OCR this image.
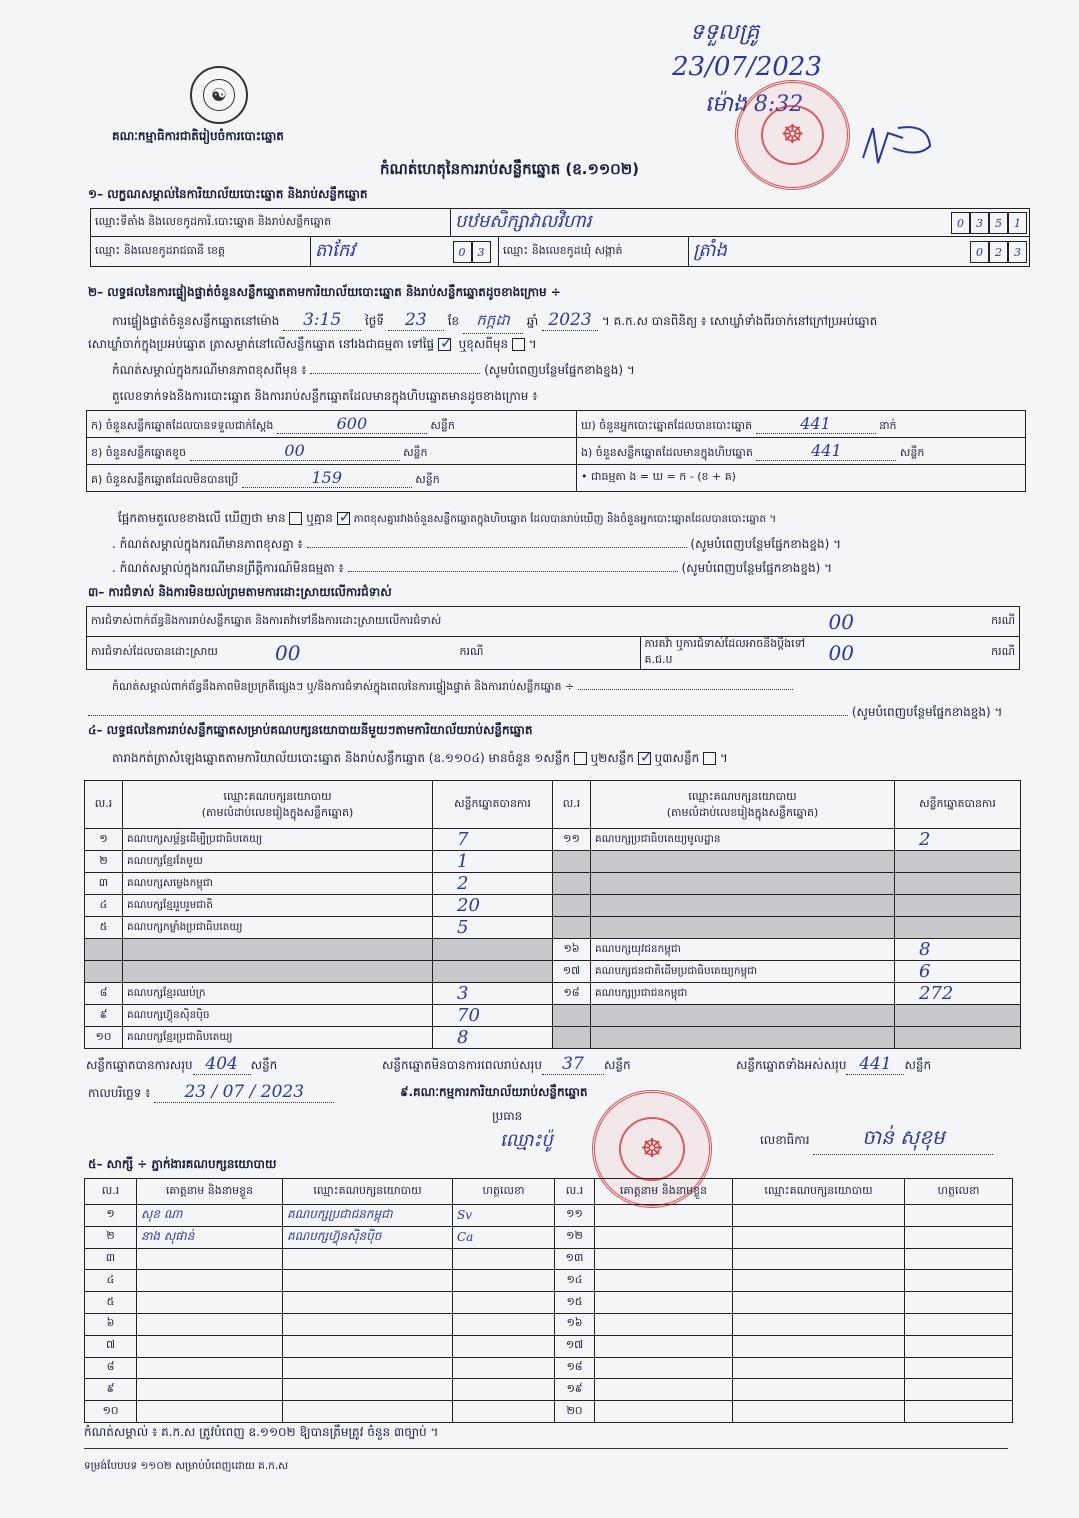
☯
គណៈកម្មាធិការជាតិរៀបចំការបោះឆ្នោត
កំណត់ហេតុនៃការរាប់សន្លឹកឆ្នោត (ឧ.១១០២)
ទទួលគ្រូ
23/07/2023
ម៉ោង 8:32
☸
១– លក្ខណសម្គាល់នៃការិយាល័យបោះឆ្នោត និងរាប់សន្លឹកឆ្នោត
ឈ្មោះទីតាំង និងលេខកូដការិ.បោះឆ្នោត និងរាប់សន្លឹកឆ្នោត	បឋមសិក្សាវាលវិហារ	0 3 5 1
ឈ្មោះ និងលេខកូដរាជធានី ខេត្ត	តាកែវ	0 3	ឈ្មោះ និងលេខកូដឃុំ សង្កាត់	ត្រាំង	0 2 3
២– លទ្ធផលនៃការផ្ទៀងផ្ទាត់ចំនួនសន្លឹកឆ្នោតតាមការិយាល័យបោះឆ្នោត និងរាប់សន្លឹកឆ្នោតដូចខាងក្រោម ÷
ការផ្ទៀងផ្ទាត់ចំនួនសន្លឹកឆ្នោតនៅម៉ោង 3:15 ថ្ងៃទី 23 ខែ កក្កដា ឆ្នាំ 2023 ។ គ.ក.ស បានពិនិត្យ ៖ សោឃ្លាំទាំងពីរចាក់នៅក្រៅ​ប្រអប់ឆ្នោត
សោឃ្លាំចាក់ក្នុងប្រអប់ឆ្នោត ត្រាសម្ងាត់នៅលើសន្លឹកឆ្នោត នៅរងជាធម្មតា ទៅផ្ទៃ ✓ ឬខុសពីមុន  ។
កំណត់សម្គាល់ក្នុងករណីមានភាពខុសពីមុន ៖	(សូមបំពេញបន្ថែមផ្នែកខាងខ្នង) ។
តួលេខទាក់ទងនិងការបោះឆ្នោត និងការរាប់សន្លឹកឆ្នោតដែលមានក្នុងហិបឆ្នោតមានដូចខាងក្រោម ៖
ក) ចំនួនសន្លឹកឆ្នោតដែលបានទទួលជាក់ស្តែង 600 សន្លឹក	ឃ) ចំនួនអ្នកបោះឆ្នោតដែលបានបោះឆ្នោត 441 នាក់
ខ) ចំនួនសន្លឹកឆ្នោតខូច 00 សន្លឹក	ង) ចំនួនសន្លឹកឆ្នោតដែលមានក្នុងហិបឆ្នោត 441 សន្លឹក
គ) ចំនួនសន្លឹកឆ្នោតដែលមិនបានប្រើ 159 សន្លឹក	• ជាធម្មតា ង = ឃ = ក - (ខ + គ)
ផ្អែកតាមតួលេខខាងលើ ឃើញថា មាន ឬគ្មាន ✓ ភាពខុសគ្នារវាងចំនួនសន្លឹកឆ្នោតក្នុងហិបឆ្នោត ដែលបានរាប់ឃើញ និងចំនួនអ្នកបោះឆ្នោតដែលបានបោះឆ្នោត ។
. កំណត់សម្គាល់ក្នុងករណីមានភាពខុសគ្នា ៖	(សូមបំពេញបន្ថែមផ្នែកខាងខ្នង) ។
. កំណត់សម្គាល់ក្នុងករណីមានព្រឹត្តិការណ៍មិនធម្មតា ៖	(សូមបំពេញបន្ថែមផ្នែកខាងខ្នង) ។
៣– ការជំទាស់ និងការមិនយល់ព្រមតាមការដោះស្រាយលើការជំទាស់
ការជំទាស់ពាក់ព័ន្ធនិងការរាប់សន្លឹកឆ្នោត និងការតវ៉ាទៅនឹងការដោះស្រាយលើការជំទាស់				00	ករណី
ការជំទាស់ដែលបានដោះស្រាយ	00	ករណី	ការតវ៉ា ឬការជំទាស់ដែលអាចនឹងប្តឹងទៅ គ.ជ.ប	00	ករណី
កំណត់សម្គាល់ពាក់ព័ន្ធនឹងភាពមិនប្រក្រតីផ្សេងៗ ឬ/និងការជំទាស់ក្នុងពេលនៃការផ្ទៀងផ្ទាត់ និងការរាប់សន្លឹកឆ្នោត ÷
(សូមបំពេញបន្ថែមផ្នែកខាងខ្នង) ។
៤– លទ្ធផលនៃការរាប់សន្លឹកឆ្នោតសម្រាប់គណបក្សនយោបាយនីមួយៗតាមការិយាល័យរាប់សន្លឹកឆ្នោត
តារាងកត់ត្រាសំឡេងឆ្នោតតាមការិយាល័យបោះឆ្នោត និងរាប់សន្លឹកឆ្នោត (ឧ.១១០៤) មានចំនួន ១សន្លឹក ឬ២សន្លឹក ✓ ឬ៣សន្លឹក  ។
ល.រ	ឈ្មោះគណបក្សនយោបាយ
(តាមលំដាប់លេខរៀងក្នុងសន្លឹកឆ្នោត)	សន្លឹកឆ្នោតបានការ	ល.រ	ឈ្មោះគណបក្សនយោបាយ
(តាមលំដាប់លេខរៀងក្នុងសន្លឹកឆ្នោត)	សន្លឹកឆ្នោតបានការ
១	គណបក្សសម្ព័ន្ធដើម្បីប្រជាធិបតេយ្យ	7	១១	គណបក្សប្រជាធិបតេយ្យមូលដ្ឋាន	2
២	គណបក្សខ្មែរតែមួយ	1			
៣	គណបក្សសម្លេងកម្ពុជា	2			
៤	គណបក្សខ្មែររួបរួមជាតិ	20			
៥	គណបក្សកម្លាំងប្រជាធិបតេយ្យ	5			
			១៦	គណបក្សយុវជនកម្ពុជា	8
			១៧	គណបក្សជនជាតិដើមប្រជាធិបតេយ្យកម្ពុជា	6
៨	គណបក្សខ្មែរឈប់ក្រ	3	១៨	គណបក្សប្រជាជនកម្ពុជា	272
៩	គណបក្សហ៊្វុនស៊ិនប៉ិច	70			
១០	គណបក្សខ្មែរប្រជាធិបតេយ្យ	8			
សន្លឹកឆ្នោតបានការសរុប 404 សន្លឹក	សន្លឹកឆ្នោតមិនបានការពេលរាប់សរុប 37 សន្លឹក	សន្លឹកឆ្នោតទាំងអស់សរុប 441 សន្លឹក
កាលបរិច្ឆេទ ៖ 23 / 07 / 2023	៩.គណៈកម្មការការិយាល័យរាប់សន្លឹកឆ្នោត
ប្រធាន
ឈ្មោះប៉ូ	☸	លេខាធិការ	ចាន់ សុខុម
៥– សាក្សី ÷ ភ្នាក់ងារគណបក្សនយោបាយ
ល.រ	គោត្តនាម និងនាមខ្លួន	ឈ្មោះគណបក្សនយោបាយ	ហត្ថលេខា	ល.រ	គោត្តនាម និងនាមខ្លួន	ឈ្មោះគណបក្សនយោបាយ	ហត្ថលេខា
១	សុខ ណា	គណបក្សប្រជាជនកម្ពុជា	Sv	១១			
២	នាង សុផាន់	គណបក្សហ៊្វុនស៊ិនប៉ិច	Ca	១២			
៣				១៣			
៤				១៤			
៥				១៥			
៦				១៦			
៧				១៧			
៨				១៨			
៩				១៩			
១០				២០			
កំណត់សម្គាល់ ៖ គ.ក.ស ត្រូវបំពេញ ឧ.១១០២ ឱ្យបានត្រឹមត្រូវ ចំនួន ៣ច្បាប់ ។
ទម្រង់បែបបទ ១១០២ សម្រាប់បំពេញដោយ គ.ក.ស
